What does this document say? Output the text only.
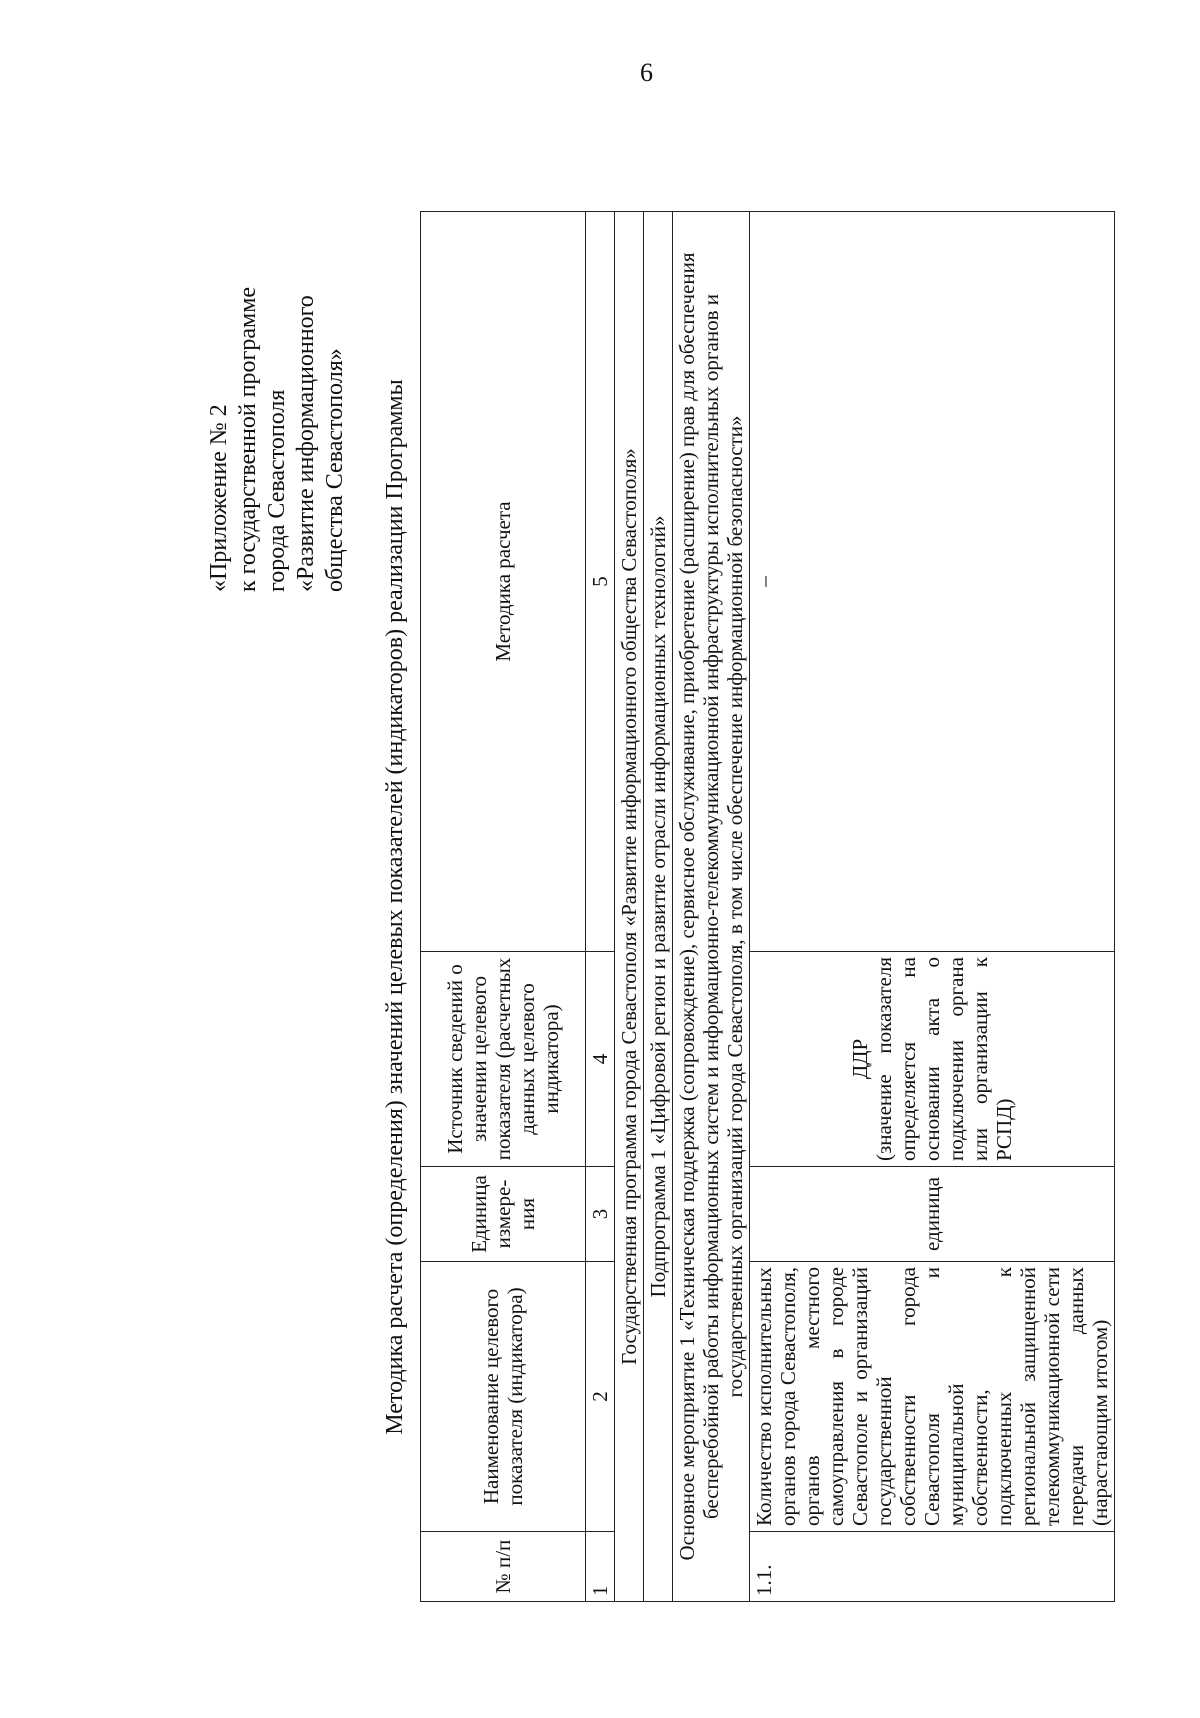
6
«Приложение № 2 к государственной программе города Севастополя «Развитие информационного общества Севастополя» Методика расчета (определения) значений целевых показателей (индикаторов) реализации Программы
№ п/п	Наименование целевого показателя (индикатора)	Единица измере-ния	Источник сведений о значении целевого показателя (расчетных данных целевого индикатора)	Методика расчета
1	2	3	4	5
Государственная программа города Севастополя «Развитие информационного общества Севастополя»				
Подпрограмма 1 «Цифровой регион и развитие отрасли информационных технологий»				
Основное мероприятие 1 «Техническая поддержка (сопровождение), сервисное обслуживание, приобретение (расширение) прав для обеспечения бесперебойной работы информационных систем и информационно-телекоммуникационной инфраструктуры исполнительных органов и государственных организаций города Севастополя, в том числе обеспечение информационной безопасности»				
1.1.	Количество исполнительных органов города Севастополя, органов местного самоуправления в городе Севастополе и организаций государственной собственности города Севастополя и муниципальной собственности, подключенных к региональной защищенной телекоммуникационной сети передачи данных (нарастающим итогом)	единица	ДДР (значение показателя определяется на основании акта о подключении органа или организации к РСПД)	–
